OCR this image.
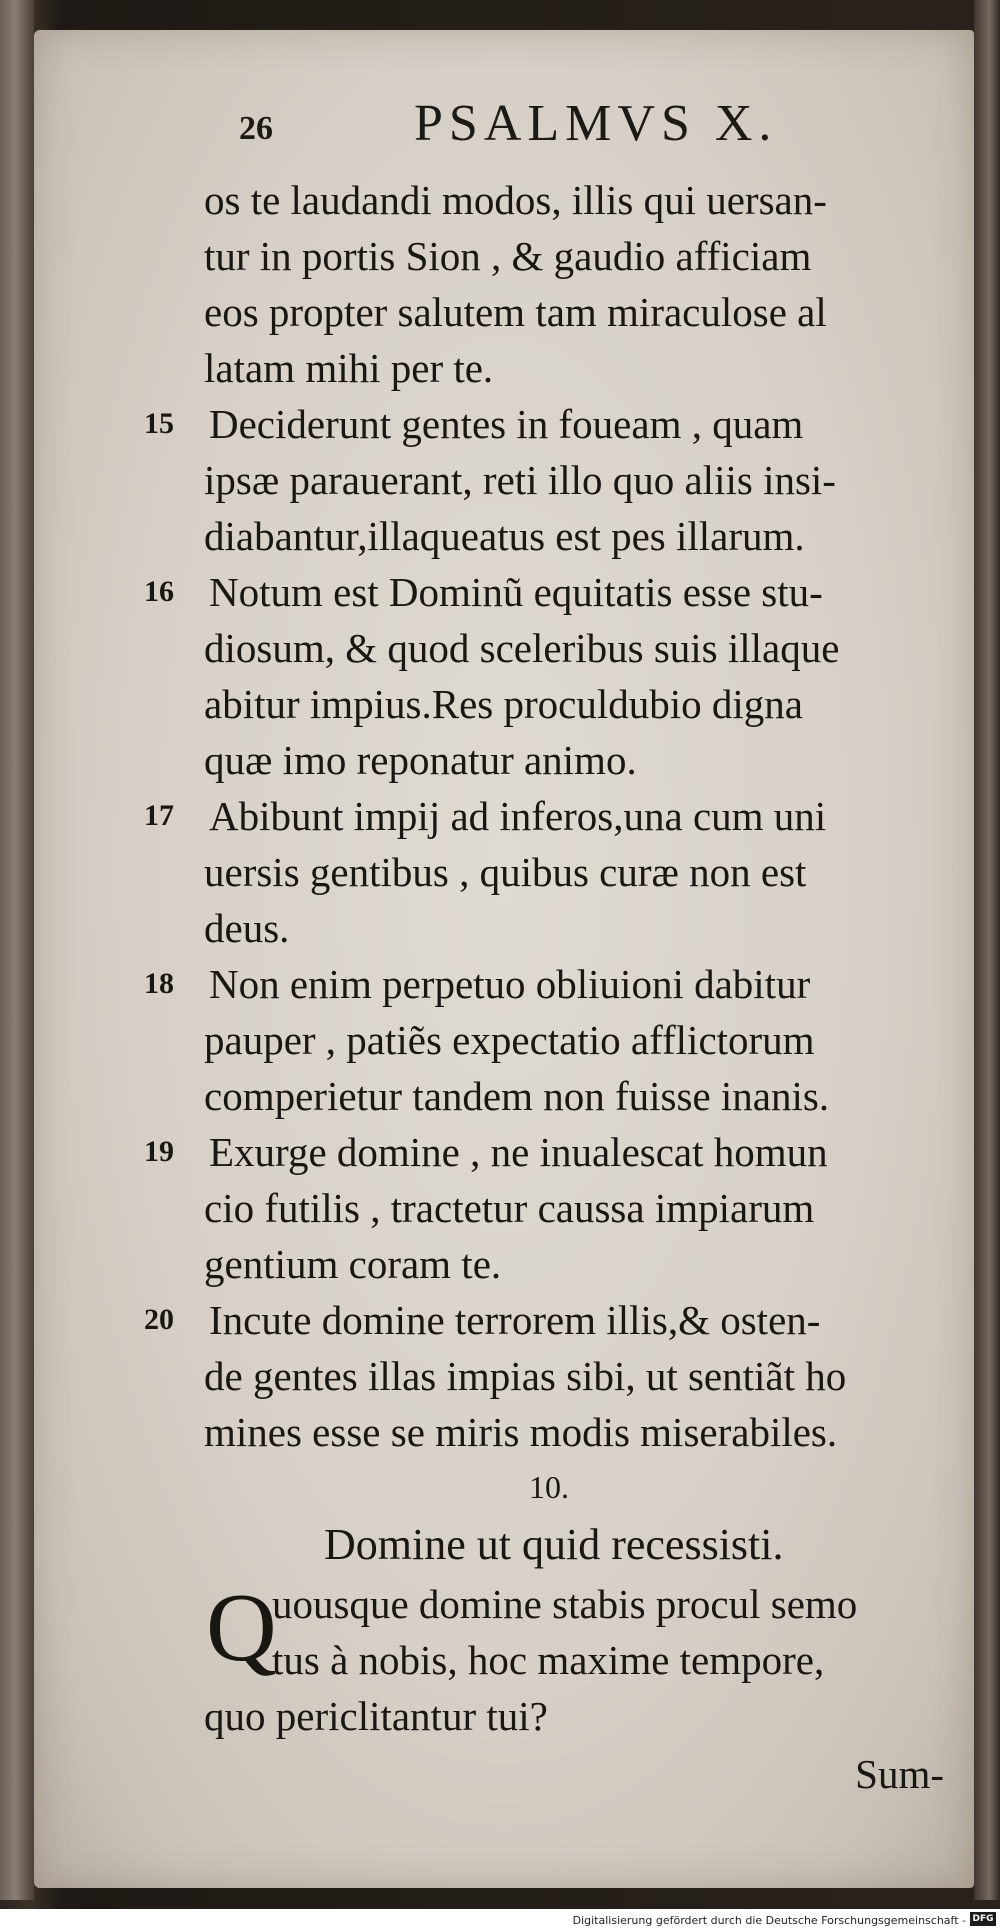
26	PSALMVS X.
os te laudandi modos, illis qui uersan-
tur in portis Sion , & gaudio afficiam
eos propter salutem tam miraculose al
latam mihi per te.
15 Deciderunt gentes in foueam , quam
ipsæ parauerant, reti illo quo aliis insi-
diabantur,illaqueatus est pes illarum.
16 Notum est Dominũ equitatis esse stu-
diosum, & quod sceleribus suis illaque
abitur impius.Res proculdubio digna
quæ imo reponatur animo.
17 Abibunt impij ad inferos,una cum uni
uersis gentibus , quibus curæ non est
deus.
18 Non enim perpetuo obliuioni dabitur
pauper , patiẽs expectatio afflictorum
comperietur tandem non fuisse inanis.
19 Exurge domine , ne inualescat homun
cio futilis , tractetur caussa impiarum
gentium coram te.
20 Incute domine terrorem illis,& osten-
de gentes illas impias sibi, ut sentiãt ho
mines esse se miris modis miserabiles.
10.
Domine ut quid recessisti.
Q
uousque domine stabis procul semo
tus à nobis, hoc maxime tempore,
quo periclitantur tui?
Sum-
Digitalisierung gefördert durch die Deutsche Forschungsgemeinschaft - DFG
